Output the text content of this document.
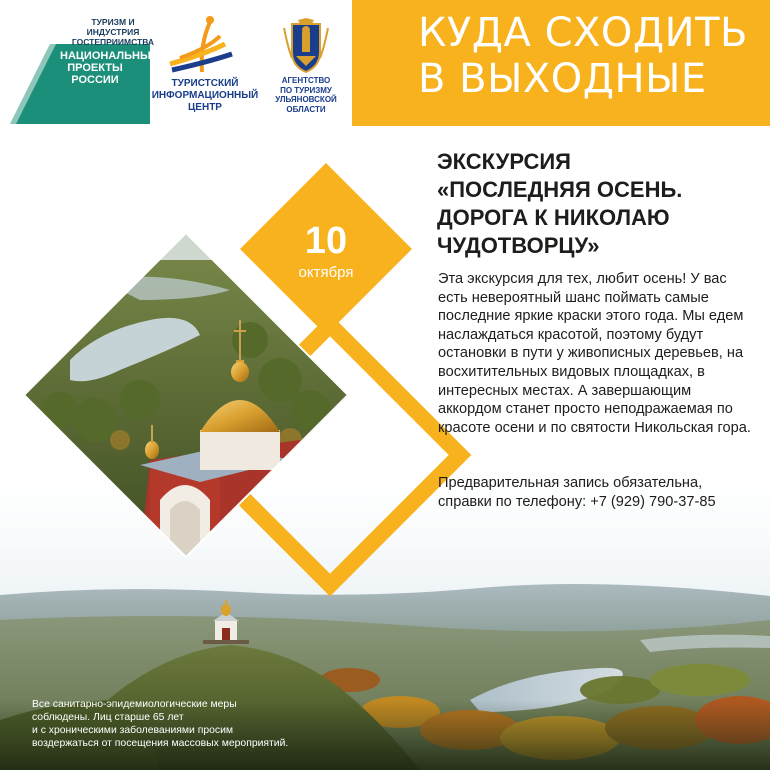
10
октября
ТУРИЗМ И ИНДУСТРИЯ
ГОСТЕПРИИМСТВА
НАЦИОНАЛЬНЫЕ
ПРОЕКТЫ
РОССИИ	ТУРИСТСКИЙ
ИНФОРМАЦИОННЫЙ
ЦЕНТР
АГЕНТСТВО
ПО ТУРИЗМУ
УЛЬЯНОВСКОЙ
ОБЛАСТИ
КУДА СХОДИТЬ
В ВЫХОДНЫЕ
ЭКСКУРСИЯ
«ПОСЛЕДНЯЯ ОСЕНЬ.
ДОРОГА К НИКОЛАЮ
ЧУДОТВОРЦУ»
Эта экскурсия для тех, любит осень! У вас есть невероятный шанс поймать самые последние яркие краски этого года. Мы едем наслаждаться красотой, поэтому будут остановки в пути у живописных деревьев, на восхитительных видовых площадках, в интересных местах. А завершающим аккордом станет просто неподражаемая по красоте осени и по святости Никольская гора.
Предварительная запись обязательна,
справки по телефону: +7 (929) 790-37-85
Все санитарно-эпидемиологические меры
соблюдены. Лиц старше 65 лет
и с хроническими заболеваниями просим
воздержаться от посещения массовых мероприятий.
